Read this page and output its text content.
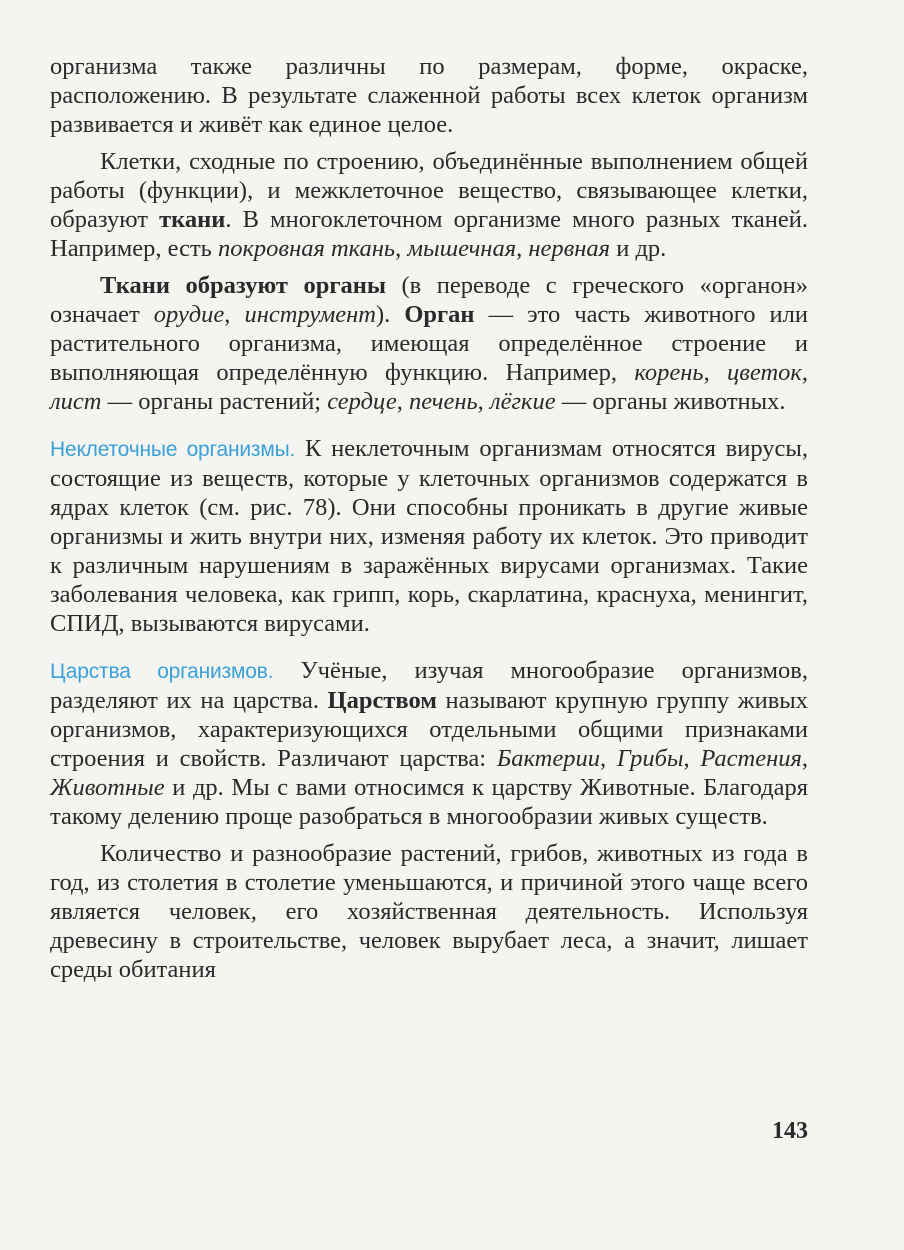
организма также различны по размерам, форме, окраске, расположению. В результате слаженной работы всех клеток организм развивается и живёт как единое целое.

Клетки, сходные по строению, объединённые выполнением общей работы (функции), и межклеточное вещество, связывающее клетки, образуют ткани. В многоклеточном организме много разных тканей. Например, есть покровная ткань, мышечная, нервная и др.

Ткани образуют органы (в переводе с греческого «органон» означает орудие, инструмент). Орган — это часть животного или растительного организма, имеющая определённое строение и выполняющая определённую функцию. Например, корень, цветок, лист — органы растений; сердце, печень, лёгкие — органы животных.

Неклеточные организмы. К неклеточным организмам относятся вирусы, состоящие из веществ, которые у клеточных организмов содержатся в ядрах клеток (см. рис. 78). Они способны проникать в другие живые организмы и жить внутри них, изменяя работу их клеток. Это приводит к различным нарушениям в заражённых вирусами организмах. Такие заболевания человека, как грипп, корь, скарлатина, краснуха, менингит, СПИД, вызываются вирусами.

Царства организмов. Учёные, изучая многообразие организмов, разделяют их на царства. Царством называют крупную группу живых организмов, характеризующихся отдельными общими признаками строения и свойств. Различают царства: Бактерии, Грибы, Растения, Животные и др. Мы с вами относимся к царству Животные. Благодаря такому делению проще разобраться в многообразии живых существ.

Количество и разнообразие растений, грибов, животных из года в год, из столетия в столетие уменьшаются, и причиной этого чаще всего является человек, его хозяйственная деятельность. Используя древесину в строительстве, человек вырубает леса, а значит, лишает среды обитания

143
